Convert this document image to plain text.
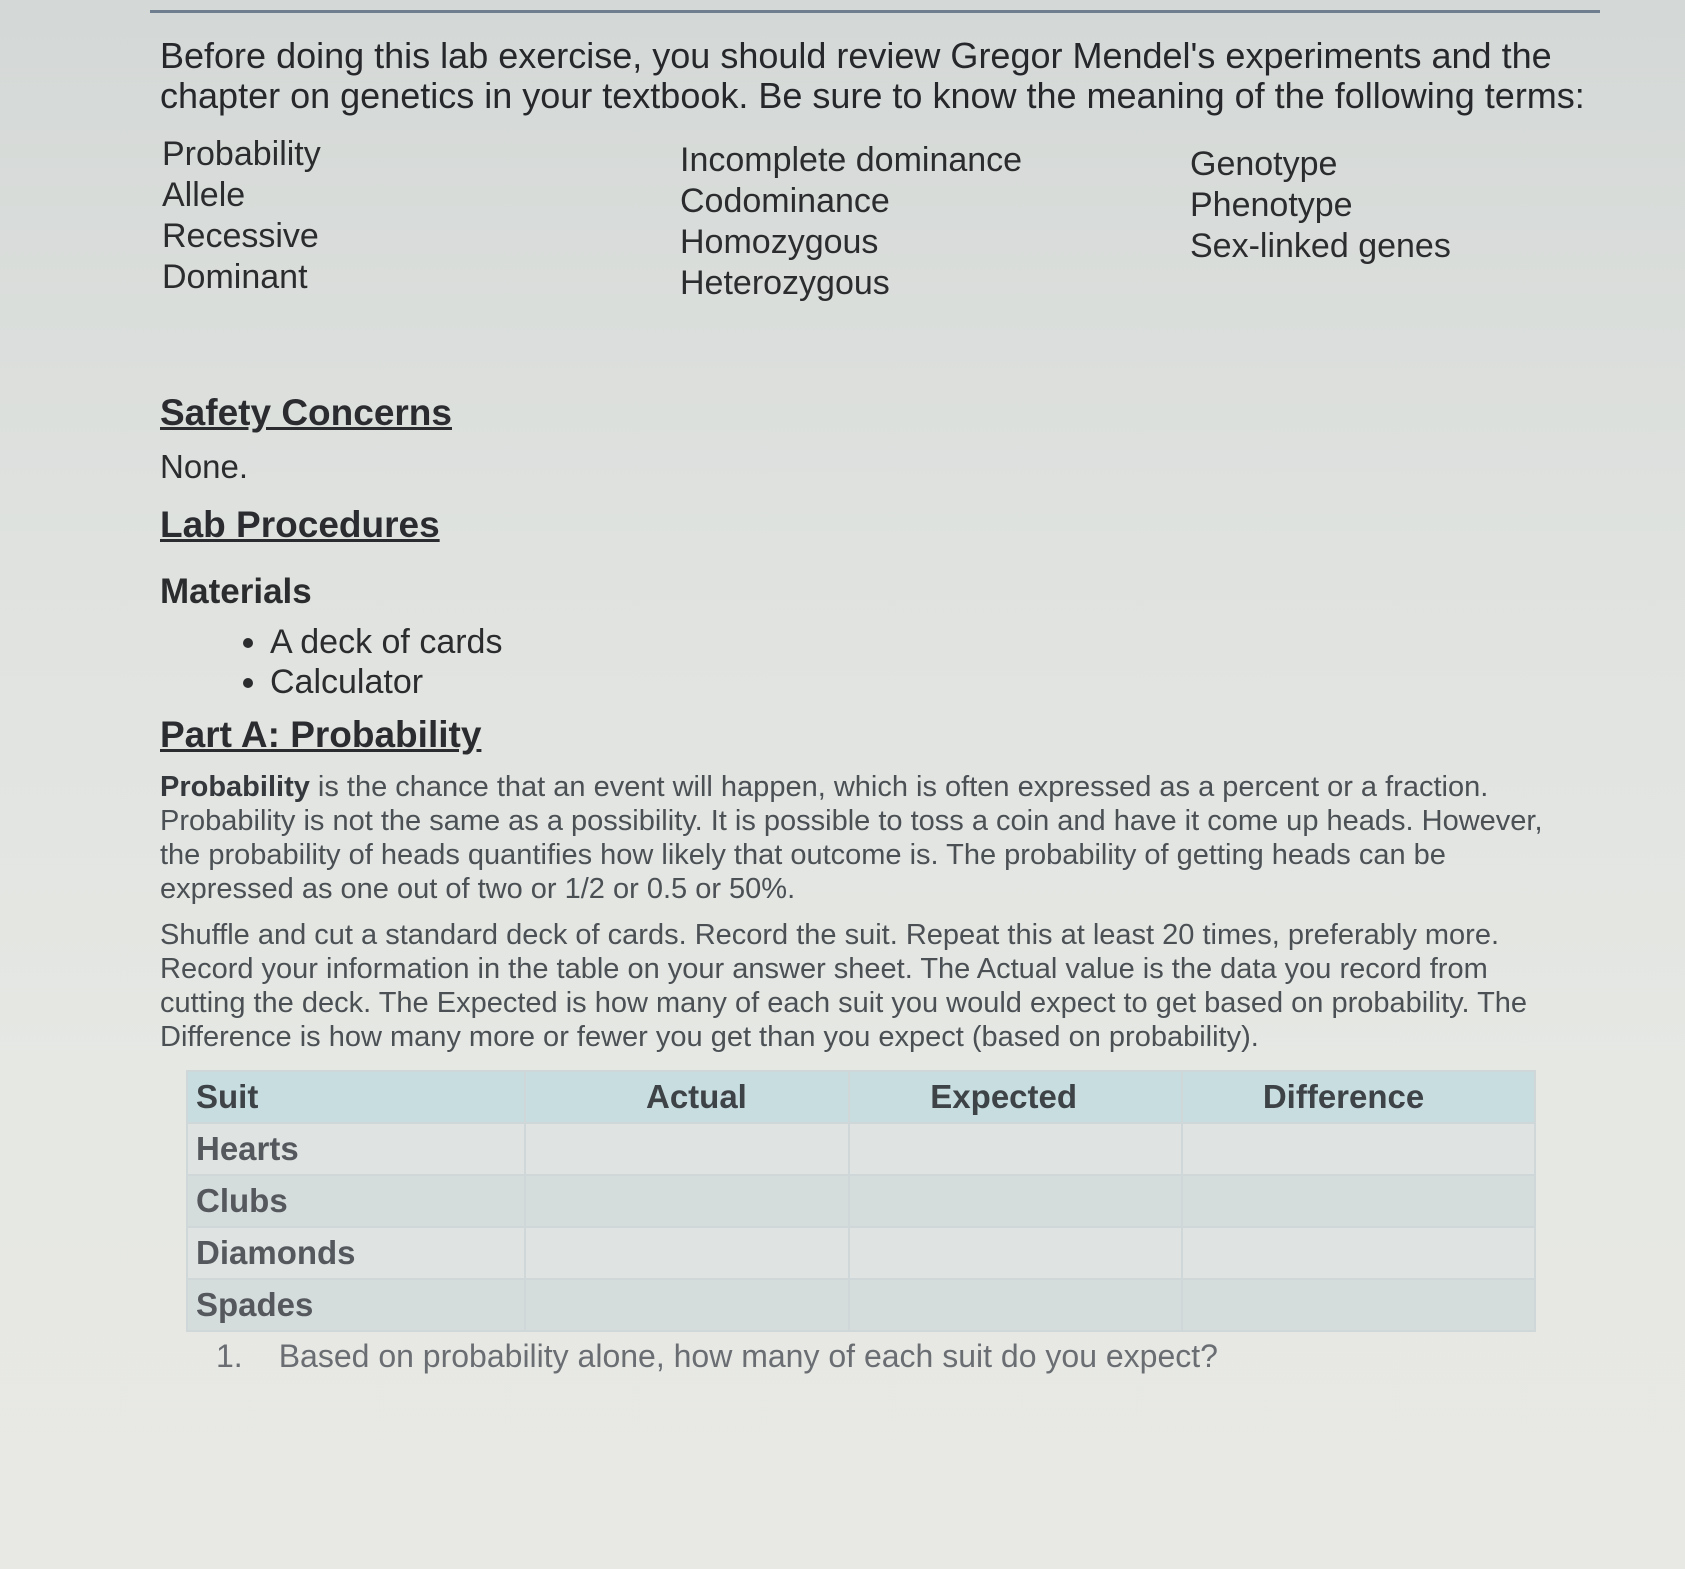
Before doing this lab exercise, you should review Gregor Mendel's experiments and the chapter on genetics in your textbook. Be sure to know the meaning of the following terms:

Probability
Allele
Recessive
Dominant
Incomplete dominance
Codominance
Homozygous
Heterozygous
Genotype
Phenotype
Sex-linked genes
Safety Concerns
None.
Lab Procedures
Materials
• A deck of cards
• Calculator
Part A: Probability

Probability is the chance that an event will happen, which is often expressed as a percent or a fraction. Probability is not the same as a possibility. It is possible to toss a coin and have it come up heads. However, the probability of heads quantifies how likely that outcome is. The probability of getting heads can be expressed as one out of two or 1/2 or 0.5 or 50%.

Shuffle and cut a standard deck of cards. Record the suit. Repeat this at least 20 times, preferably more. Record your information in the table on your answer sheet. The Actual value is the data you record from cutting the deck. The Expected is how many of each suit you would expect to get based on probability. The Difference is how many more or fewer you get than you expect (based on probability).

Suit	Actual	Expected	Difference
Hearts			
Clubs			
Diamonds			
Spades			
1. Based on probability alone, how many of each suit do you expect?
